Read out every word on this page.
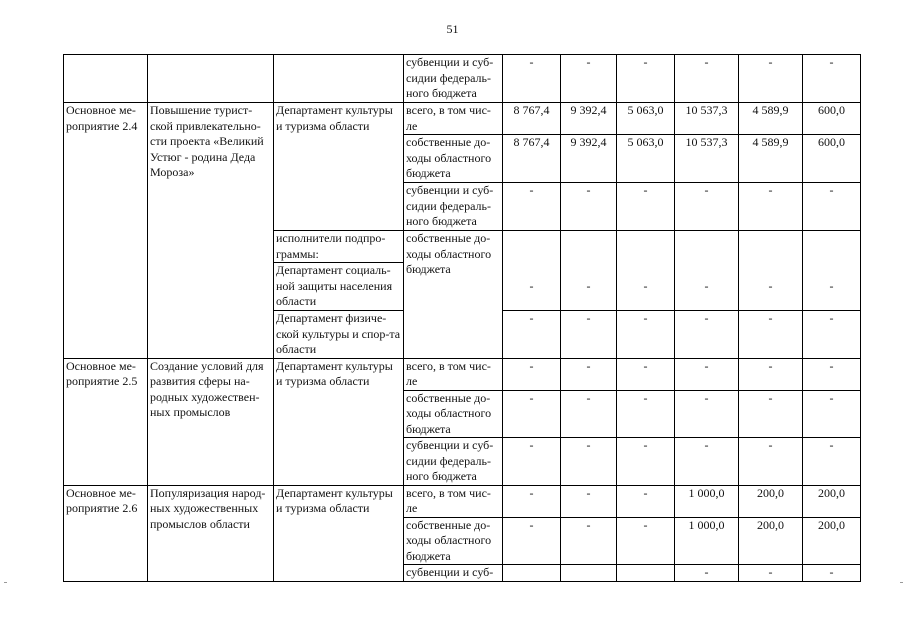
51
			субвенции и суб-сидии федераль-ного бюджета	-	-	-	-	-	-
Основное ме-роприятие 2.4	Повышение турист-ской привлекательно-сти проекта «Великий Устюг - родина Деда Мороза»	Департамент культуры и туризма области	всего, в том чис-ле	8 767,4	9 392,4	5 063,0	10 537,3	4 589,9	600,0
			собственные до-ходы областного бюджета	8 767,4	9 392,4	5 063,0	10 537,3	4 589,9	600,0
			субвенции и суб-сидии федераль-ного бюджета	-	-	-	-	-	-
		исполнители подпро-граммы:	собственные до-ходы областного бюджета						
		Департамент социаль-ной защиты населения области		-	-	-	-	-	-
		Департамент физиче-ской культуры и спор-та области		-	-	-	-	-	-

Основное ме-роприятие 2.5	Создание условий для развития сферы на-родных художествен-ных промыслов	Департамент культуры и туризма области	всего, в том чис-ле	-	-	-	-	-	-
			собственные до-ходы областного бюджета	-	-	-	-	-	-
			субвенции и суб-сидии федераль-ного бюджета	-	-	-	-	-	-
Основное ме-роприятие 2.6	Популяризация народ-ных художественных промыслов области	Департамент культуры и туризма области	всего, в том чис-ле	-	-	-	1 000,0	200,0	200,0
			собственные до-ходы областного бюджета	-	-	-	1 000,0	200,0	200,0
			субвенции и суб-				-	-	-
